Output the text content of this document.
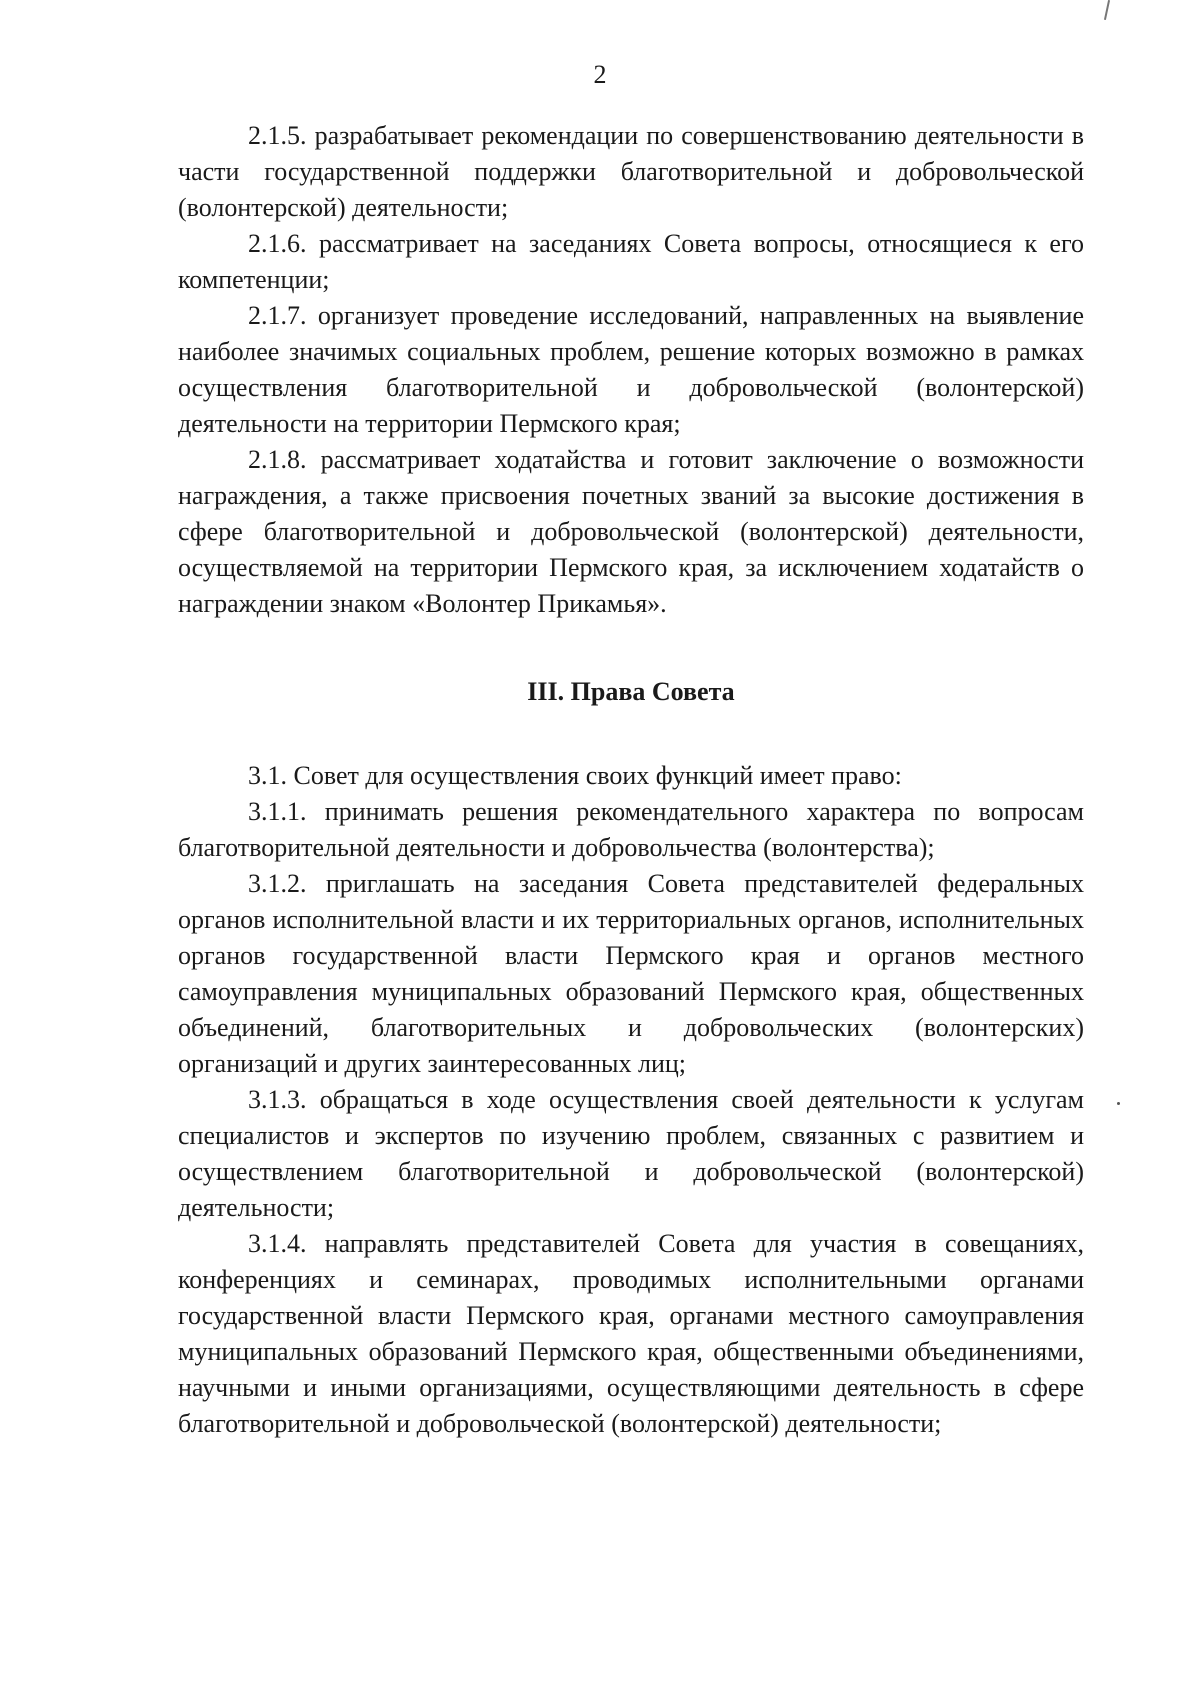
2

2.1.5. разрабатывает рекомендации по совершенствованию деятельности в части государственной поддержки благотворительной и добровольческой (волонтерской) деятельности;

2.1.6. рассматривает на заседаниях Совета вопросы, относящиеся к его компетенции;

2.1.7. организует проведение исследований, направленных на выявление наиболее значимых социальных проблем, решение которых возможно в рамках осуществления благотворительной и добровольческой (волонтерской) деятельности на территории Пермского края;

2.1.8. рассматривает ходатайства и готовит заключение о возможности награждения, а также присвоения почетных званий за высокие достижения в сфере благотворительной и добровольческой (волонтерской) деятельности, осуществляемой на территории Пермского края, за исключением ходатайств о награждении знаком «Волонтер Прикамья».

III. Права Совета

3.1. Совет для осуществления своих функций имеет право:

3.1.1. принимать решения рекомендательного характера по вопросам благотворительной деятельности и добровольчества (волонтерства);

3.1.2. приглашать на заседания Совета представителей федеральных органов исполнительной власти и их территориальных органов, исполнительных органов государственной власти Пермского края и органов местного самоуправления муниципальных образований Пермского края, общественных объединений, благотворительных и добровольческих (волонтерских) организаций и других заинтересованных лиц;

3.1.3. обращаться в ходе осуществления своей деятельности к услугам специалистов и экспертов по изучению проблем, связанных с развитием и осуществлением благотворительной и добровольческой (волонтерской) деятельности;

3.1.4. направлять представителей Совета для участия в совещаниях, конференциях и семинарах, проводимых исполнительными органами государственной власти Пермского края, органами местного самоуправления муниципальных образований Пермского края, общественными объединениями, научными и иными организациями, осуществляющими деятельность в сфере благотворительной и добровольческой (волонтерской) деятельности;
